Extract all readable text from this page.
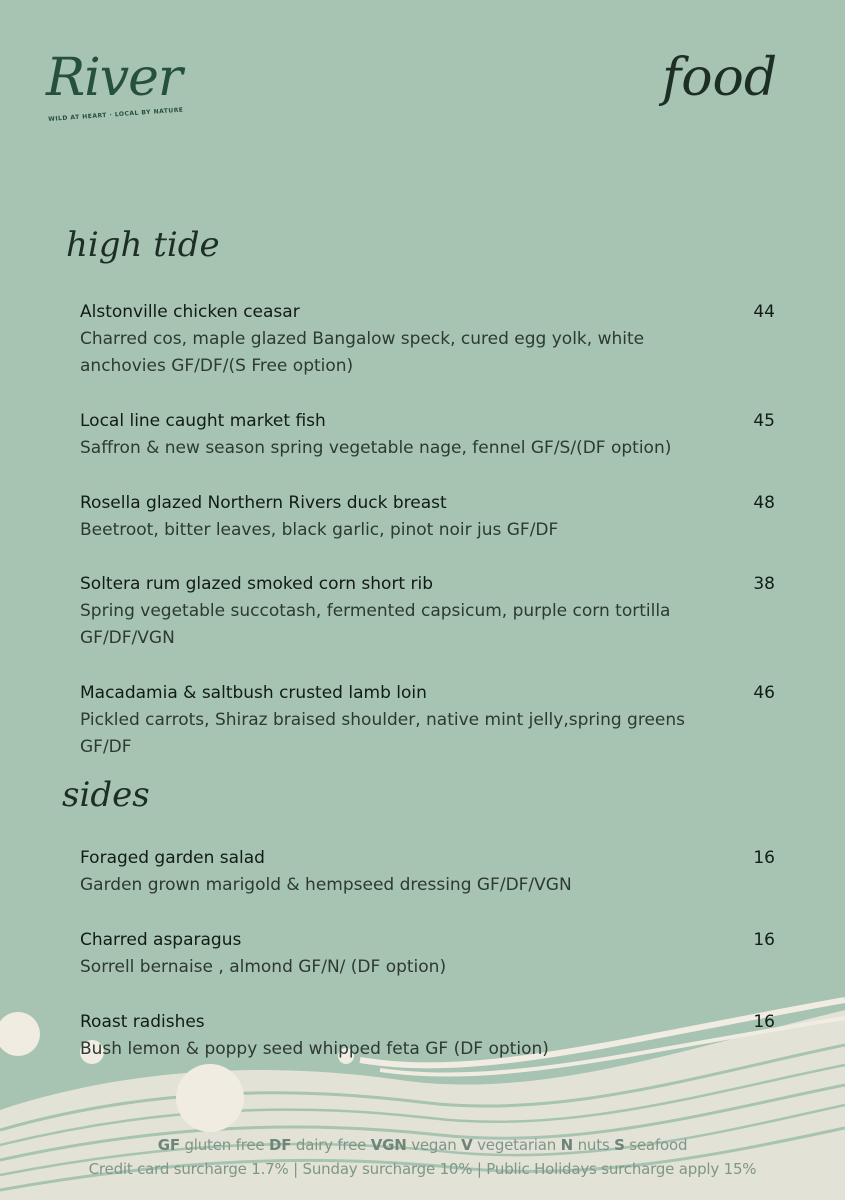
River
WILD AT HEART · LOCAL BY NATURE
food
high tide
Alstonville chicken ceasar	44
Charred cos, maple glazed Bangalow speck, cured egg yolk, white anchovies GF/DF/(S Free option)
Local line caught market fish	45
Saffron & new season spring vegetable nage, fennel GF/S/(DF option)
Rosella glazed Northern Rivers duck breast	48
Beetroot, bitter leaves, black garlic, pinot noir jus GF/DF
Soltera rum glazed smoked corn short rib	38
Spring vegetable succotash, fermented capsicum, purple corn tortilla GF/DF/VGN
Macadamia & saltbush crusted lamb loin	46
Pickled carrots, Shiraz braised shoulder, native mint jelly,spring greens GF/DF
sides
Foraged garden salad	16
Garden grown marigold & hempseed dressing GF/DF/VGN
Charred asparagus	16
Sorrell bernaise , almond GF/N/ (DF option)
Roast radishes	16
Bush lemon & poppy seed whipped feta GF (DF option)
GF gluten free DF dairy free VGN vegan V vegetarian N nuts S seafood
Credit card surcharge 1.7% | Sunday surcharge 10% | Public Holidays surcharge apply 15%
